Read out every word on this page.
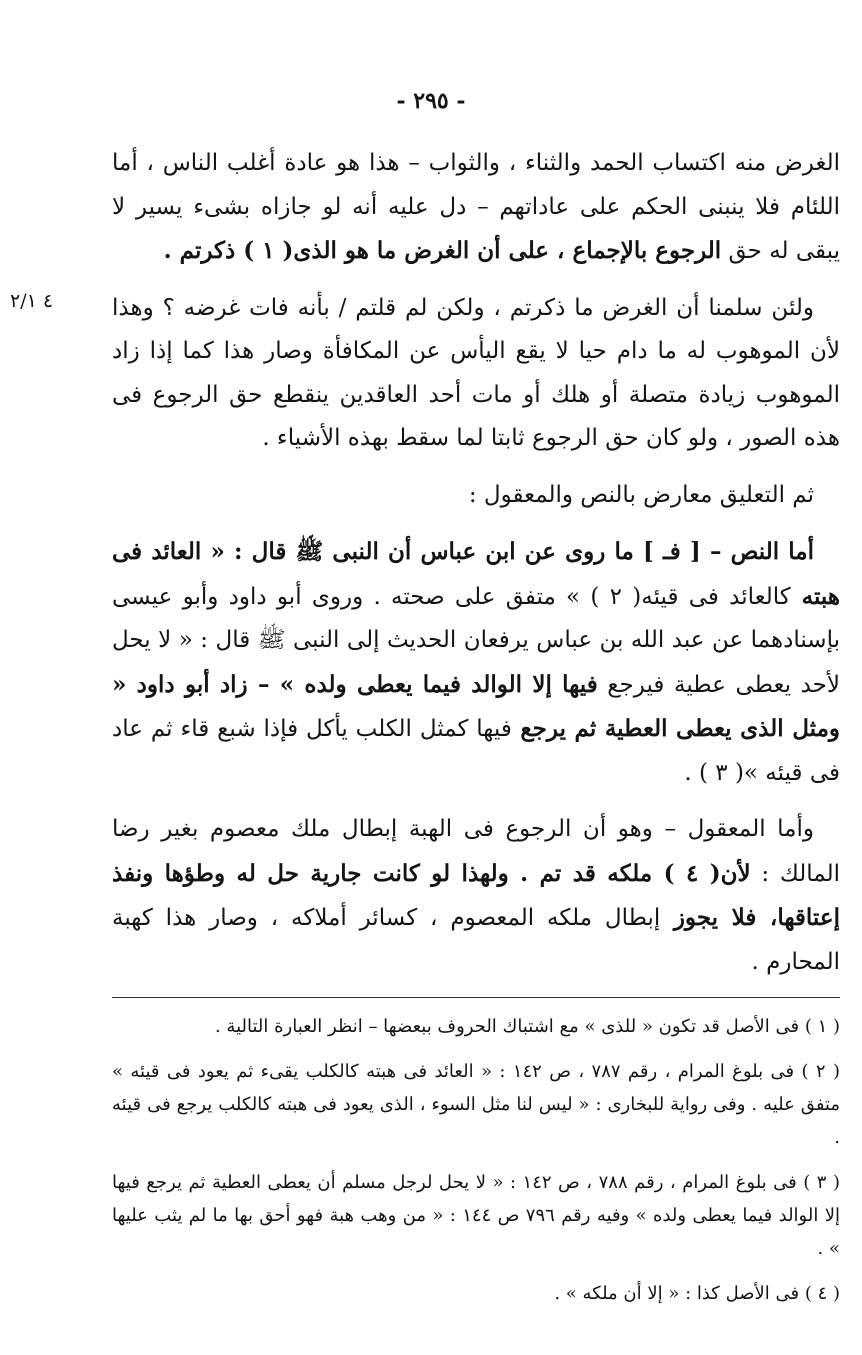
- ٢٩٥ -
٤ ٢/١

الغرض منه اكتساب الحمد والثناء ، والثواب – هذا هو عادة أغلب الناس ، أما اللئام فلا ينبنى الحكم على عاداتهم – دل عليه أنه لو جازاه بشىء يسير لا يبقى له حق الرجوع بالإجماع ، على أن الغرض ما هو الذى( ١ ) ذكرتم .

ولئن سلمنا أن الغرض ما ذكرتم ، ولكن لم قلتم / بأنه فات غرضه ؟ وهذا لأن الموهوب له ما دام حيا لا يقع اليأس عن المكافأة وصار هذا كما إذا زاد الموهوب زيادة متصلة أو هلك أو مات أحد العاقدين ينقطع حق الرجوع فى هذه الصور ، ولو كان حق الرجوع ثابتا لما سقط بهذه الأشياء .

ثم التعليق معارض بالنص والمعقول :

أما النص – [ فـ ] ما روى عن ابن عباس أن النبى ﷺ قال : « العائد فى هبته كالعائد فى قيئه( ٢ ) » متفق على صحته . وروى أبو داود وأبو عيسى بإسنادهما عن عبد الله بن عباس يرفعان الحديث إلى النبى ﷺ قال : « لا يحل لأحد يعطى عطية فيرجع فيها إلا الوالد فيما يعطى ولده » – زاد أبو داود « ومثل الذى يعطى العطية ثم يرجع فيها كمثل الكلب يأكل فإذا شبع قاء ثم عاد فى قيئه »( ٣ ) .

وأما المعقول – وهو أن الرجوع فى الهبة إبطال ملك معصوم بغير رضا المالك : لأن( ٤ ) ملكه قد تم . ولهذا لو كانت جارية حل له وطؤها ونفذ إعتاقها، فلا يجوز إبطال ملكه المعصوم ، كسائر أملاكه ، وصار هذا كهبة المحارم .

( ١ ) فى الأصل قد تكون « للذى » مع اشتباك الحروف ببعضها – انظر العبارة التالية .

( ٢ ) فى بلوغ المرام ، رقم ٧٨٧ ، ص ١٤٢ : « العائد فى هبته كالكلب يقىء ثم يعود فى قيئه » متفق عليه . وفى رواية للبخارى : « ليس لنا مثل السوء ، الذى يعود فى هبته كالكلب يرجع فى قيئه .

( ٣ ) فى بلوغ المرام ، رقم ٧٨٨ ، ص ١٤٢ : « لا يحل لرجل مسلم أن يعطى العطية ثم يرجع فيها إلا الوالد فيما يعطى ولده » وفيه رقم ٧٩٦ ص ١٤٤ : « من وهب هبة فهو أحق بها ما لم يثب عليها » .

( ٤ ) فى الأصل كذا : « إلا أن ملكه » .
